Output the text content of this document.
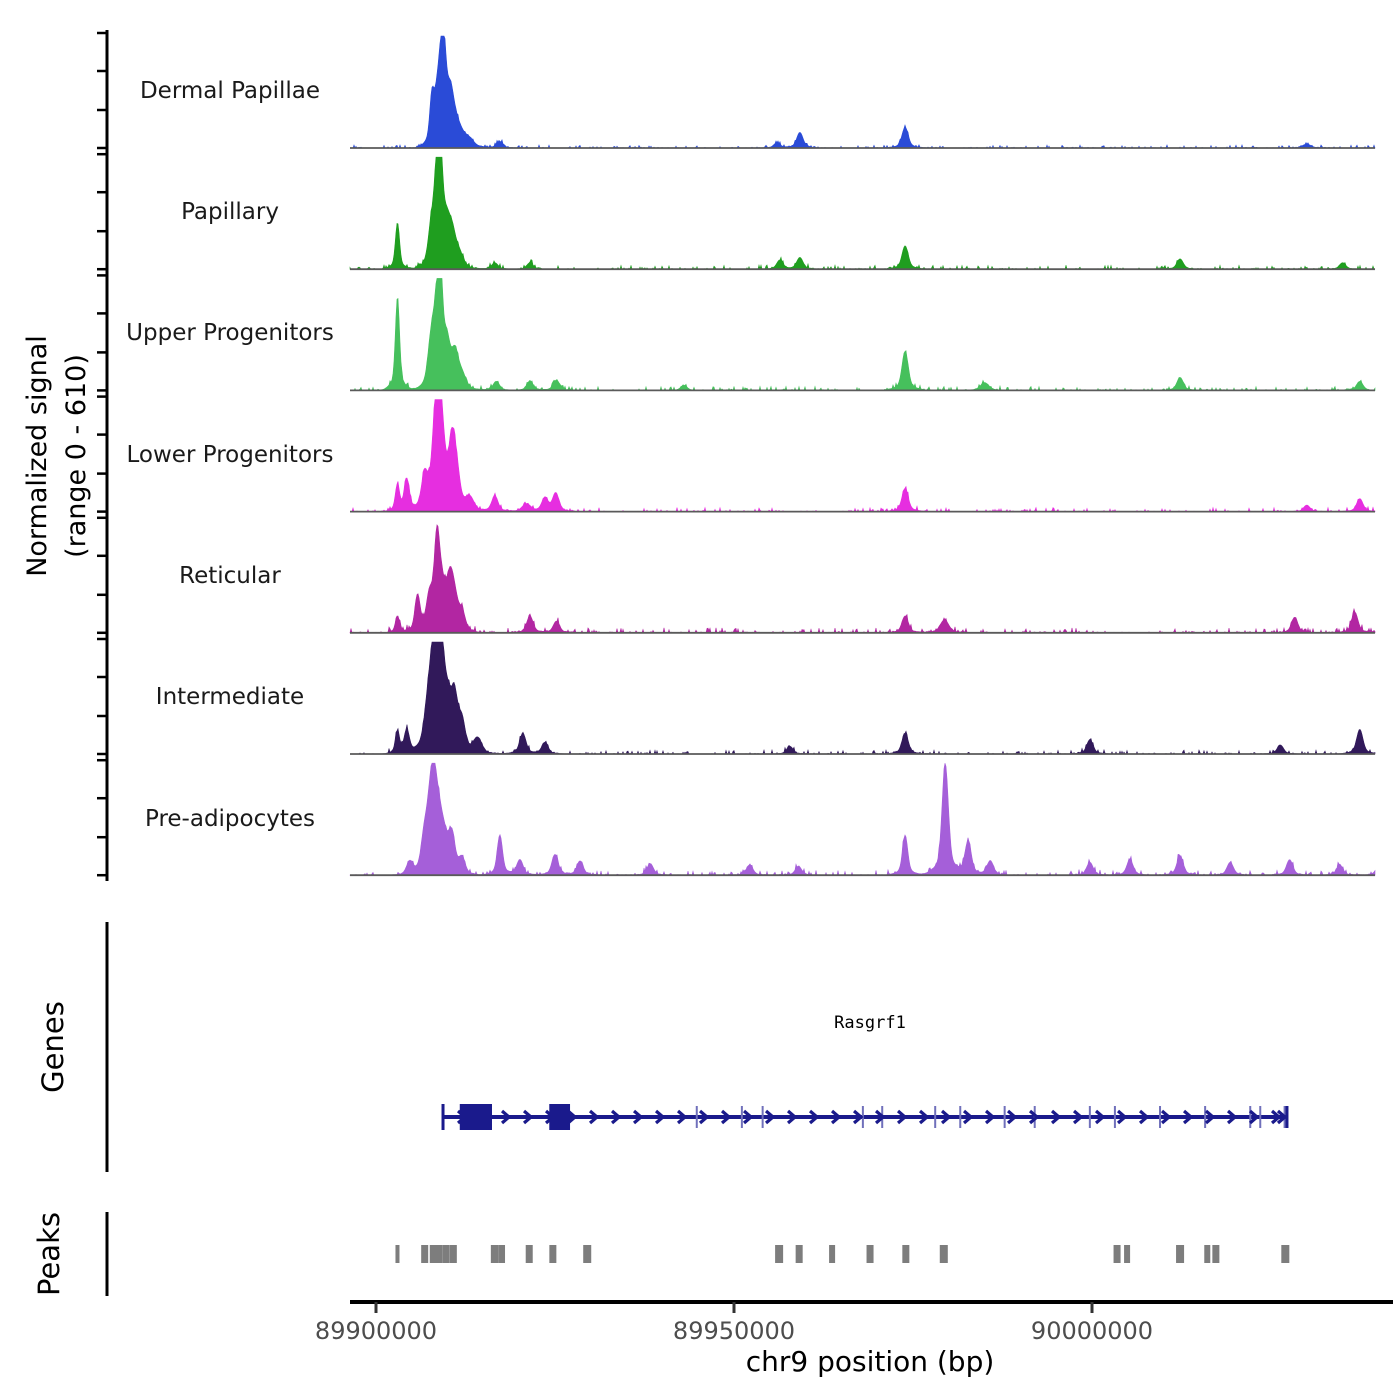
Normalized signal (range 0 - 610)
Dermal Papillae
Papillary
Upper Progenitors
Lower Progenitors
Reticular
Intermediate
Pre-adipocytes
Genes
Peaks
Rasgrf1
89900000	89950000	90000000
chr9 position (bp)
